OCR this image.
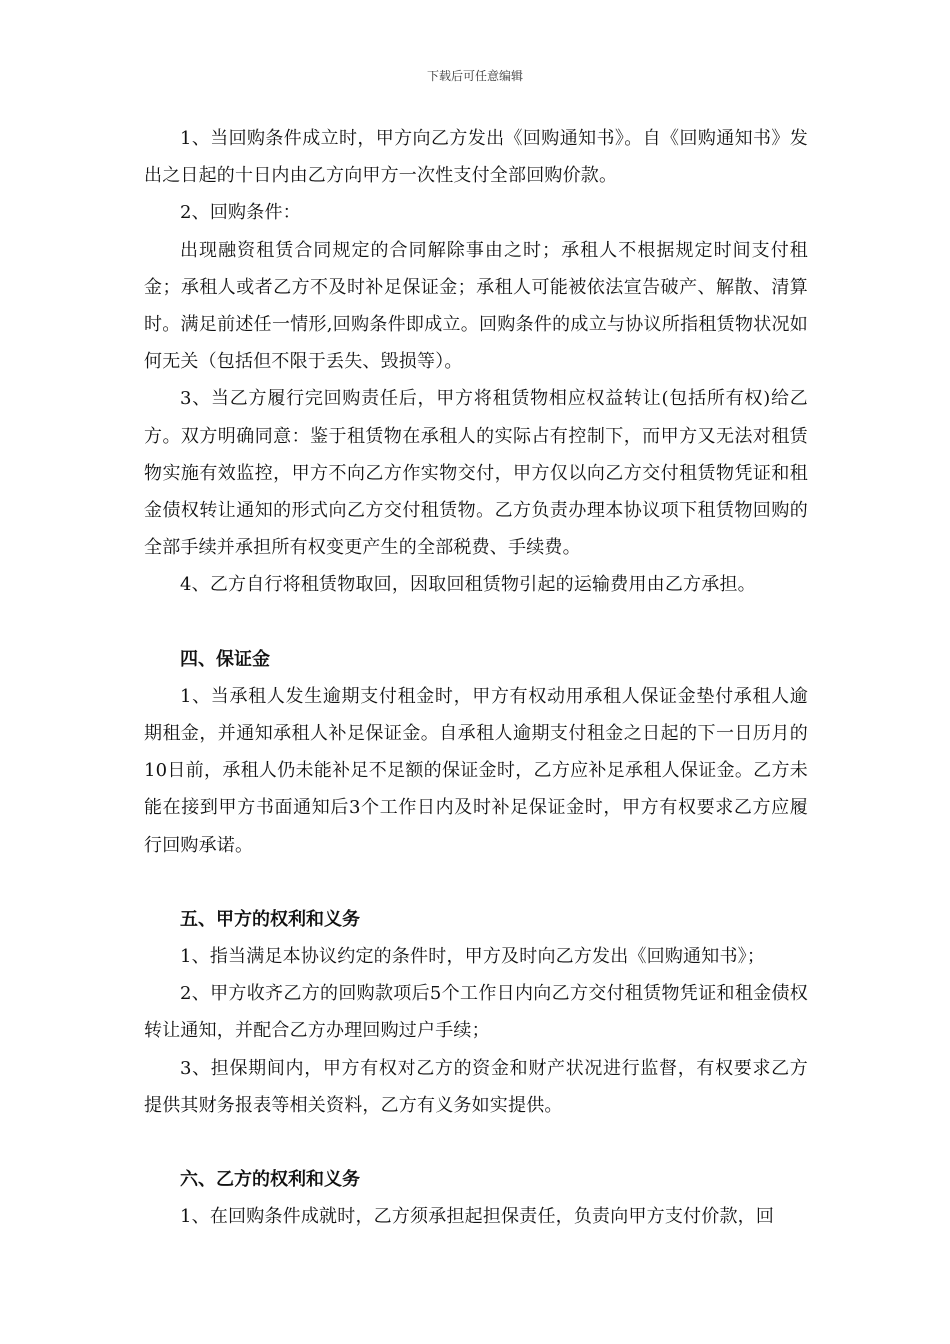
下载后可任意编辑

1、当回购条件成立时，甲方向乙方发出《回购通知书》。自《回购通知书》发出之日起的十日内由乙方向甲方一次性支付全部回购价款。

2、回购条件：

出现融资租赁合同规定的合同解除事由之时；承租人不根据规定时间支付租金；承租人或者乙方不及时补足保证金；承租人可能被依法宣告破产、解散、清算时。满足前述任一情形,回购条件即成立。回购条件的成立与协议所指租赁物状况如何无关（包括但不限于丢失、毁损等）。

3、当乙方履行完回购责任后，甲方将租赁物相应权益转让(包括所有权)给乙方。双方明确同意：鉴于租赁物在承租人的实际占有控制下，而甲方又无法对租赁物实施有效监控，甲方不向乙方作实物交付，甲方仅以向乙方交付租赁物凭证和租金债权转让通知的形式向乙方交付租赁物。乙方负责办理本协议项下租赁物回购的全部手续并承担所有权变更产生的全部税费、手续费。

4、乙方自行将租赁物取回，因取回租赁物引起的运输费用由乙方承担。

四、保证金

1、当承租人发生逾期支付租金时，甲方有权动用承租人保证金垫付承租人逾期租金，并通知承租人补足保证金。自承租人逾期支付租金之日起的下一日历月的10日前，承租人仍未能补足不足额的保证金时，乙方应补足承租人保证金。乙方未能在接到甲方书面通知后3个工作日内及时补足保证金时，甲方有权要求乙方应履行回购承诺。

五、甲方的权利和义务

1、指当满足本协议约定的条件时，甲方及时向乙方发出《回购通知书》；

2、甲方收齐乙方的回购款项后5个工作日内向乙方交付租赁物凭证和租金债权转让通知，并配合乙方办理回购过户手续；

3、担保期间内，甲方有权对乙方的资金和财产状况进行监督，有权要求乙方提供其财务报表等相关资料，乙方有义务如实提供。

六、乙方的权利和义务

1、在回购条件成就时，乙方须承担起担保责任，负责向甲方支付价款，回
